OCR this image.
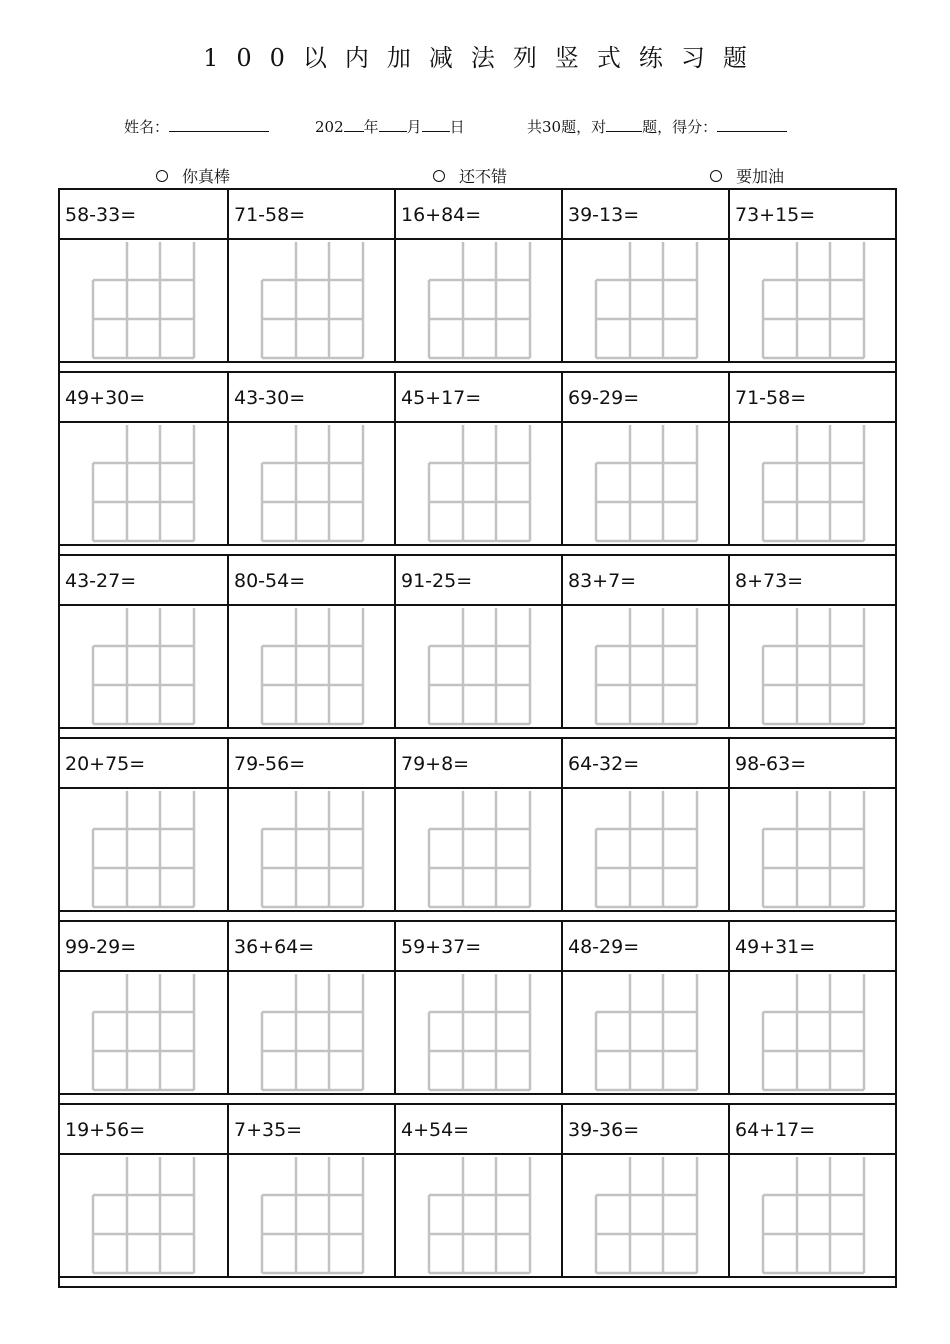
100以内加减法列竖式练习题
姓名：	202 年 月 日	共30题，对 题，得分：
你真棒	还不错	要加油
58-33=	71-58=	16+84=	39-13=	73+15=
49+30=	43-30=	45+17=	69-29=	71-58=
43-27=	80-54=	91-25=	83+7=	8+73=
20+75=	79-56=	79+8=	64-32=	98-63=
99-29=	36+64=	59+37=	48-29=	49+31=
19+56=	7+35=	4+54=	39-36=	64+17=
